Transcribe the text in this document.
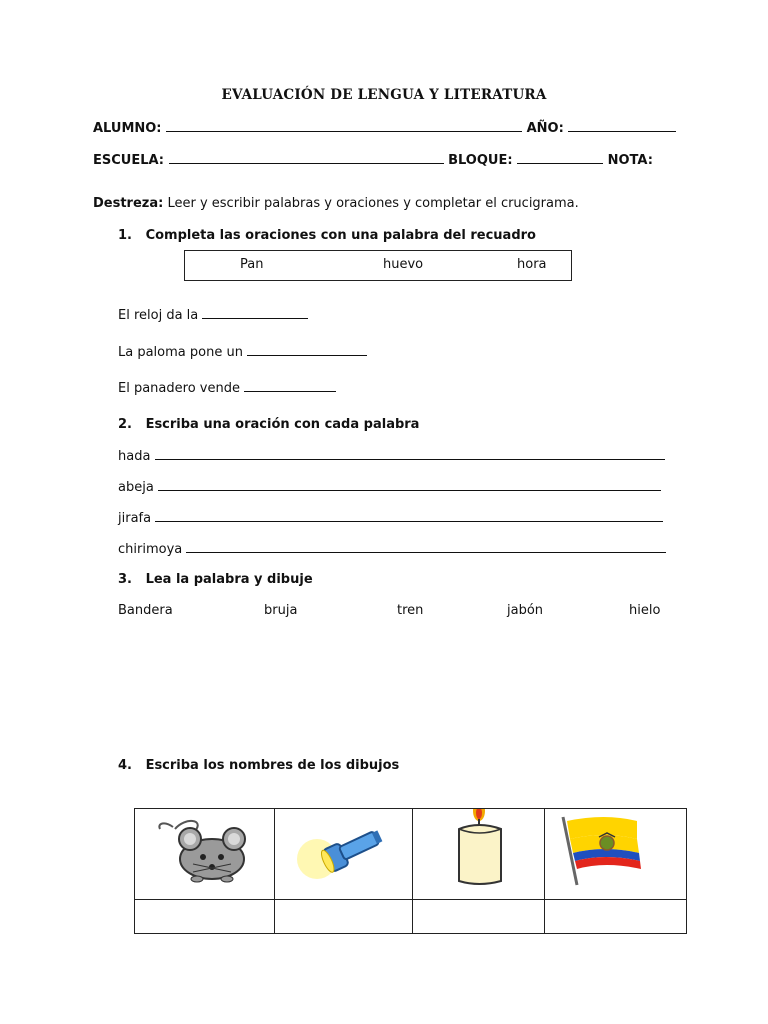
EVALUACIÓN DE LENGUA Y LITERATURA
ALUMNO:	AÑO:
ESCUELA:	BLOQUE:	NOTA:
Destreza: Leer y escribir palabras y oraciones y completar el crucigrama.
1. Completa las oraciones con una palabra del recuadro
Pan	huevo	hora
El reloj da la
La paloma pone un
El panadero vende
2. Escriba una oración con cada palabra
hada
abeja
jirafa
chirimoya
3. Lea la palabra y dibuje
Bandera	bruja	tren	jabón	hielo
4. Escriba los nombres de los dibujos
